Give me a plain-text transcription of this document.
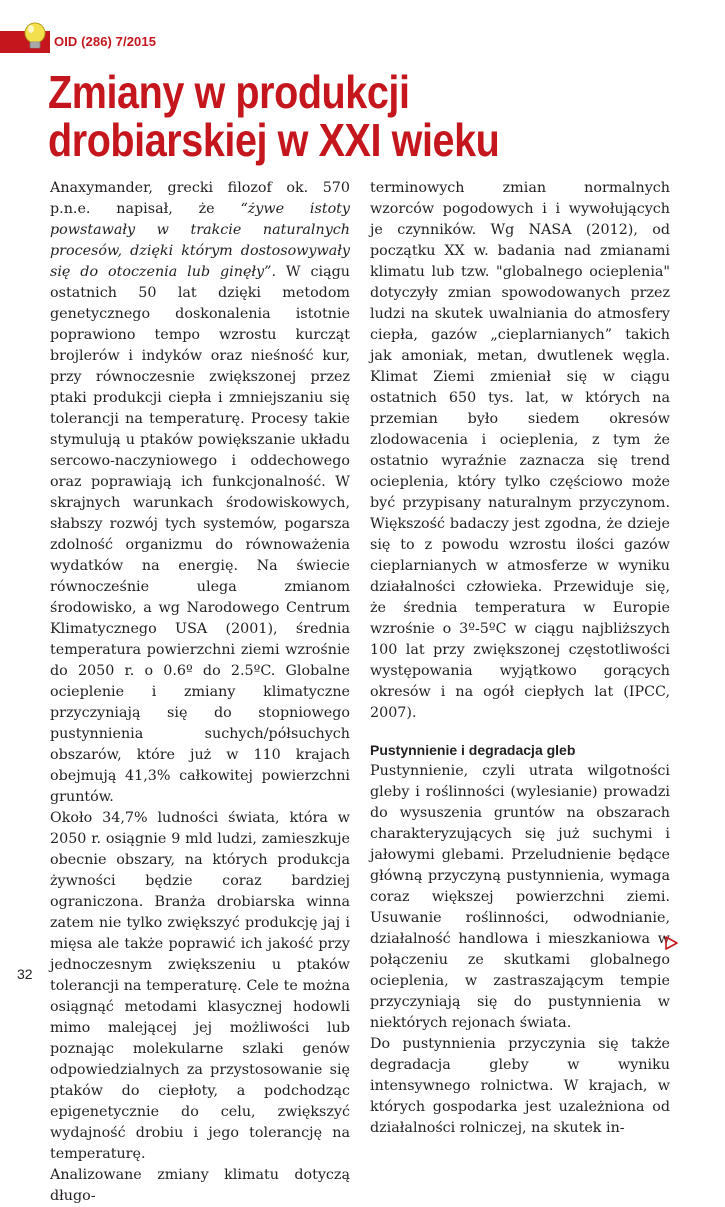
OID (286) 7/2015
Zmiany w produkcji drobiarskiej w XXI wieku

Anaxymander, grecki filozof ok. 570 p.n.e. napisał, że “żywe istoty powstawały w trakcie naturalnych procesów, dzięki którym dostosowywały się do otoczenia lub ginęły”. W ciągu ostatnich 50 lat dzięki metodom genetycznego doskonalenia istotnie poprawiono tempo wzrostu kurcząt brojlerów i indyków oraz nieśność kur, przy równoczesnie zwiększonej przez ptaki produkcji ciepła i zmniejszaniu się tolerancji na temperaturę. Procesy takie stymulują u ptaków powiększanie układu sercowo-naczyniowego i oddechowego oraz poprawiają ich funkcjonalność. W skrajnych warunkach środowiskowych, słabszy rozwój tych systemów, pogarsza zdolność organizmu do równoważenia wydatków na energię. Na świecie równocześnie ulega zmianom środowisko, a wg Narodowego Centrum Klimatycznego USA (2001), średnia temperatura powierzchni ziemi wzrośnie do 2050 r. o 0.6º do 2.5ºC. Globalne ocieplenie i zmiany klimatyczne przyczyniają się do stopniowego pustynnienia suchych/półsuchych obszarów, które już w 110 krajach obejmują 41,3% całkowitej powierzchni gruntów.

Około 34,7% ludności świata, która w 2050 r. osiągnie 9 mld ludzi, zamieszkuje obecnie obszary, na których produkcja żywności będzie coraz bardziej ograniczona. Branża drobiarska winna zatem nie tylko zwiększyć produkcję jaj i mięsa ale także poprawić ich jakość przy jednoczesnym zwiększeniu u ptaków tolerancji na temperaturę. Cele te można osiągnąć metodami klasycznej hodowli mimo malejącej jej możliwości lub poznając molekularne szlaki genów odpowiedzialnych za przystosowanie się ptaków do ciepłoty, a podchodząc epigenetycznie do celu, zwiększyć wydajność drobiu i jego tolerancję na temperaturę.

Analizowane zmiany klimatu dotyczą długo-

terminowych zmian normalnych wzorców pogodowych i i wywołujących je czynników. Wg NASA (2012), od początku XX w. badania nad zmianami klimatu lub tzw. "globalnego ocieplenia" dotyczyły zmian spowodowanych przez ludzi na skutek uwalniania do atmosfery ciepła, gazów „cieplarnianych” takich jak amoniak, metan, dwutlenek węgla. Klimat Ziemi zmieniał się w ciągu ostatnich 650 tys. lat, w których na przemian było siedem okresów zlodowacenia i ocieplenia, z tym że ostatnio wyraźnie zaznacza się trend ocieplenia, który tylko częściowo może być przypisany naturalnym przyczynom. Większość badaczy jest zgodna, że dzieje się to z powodu wzrostu ilości gazów cieplarnianych w atmosferze w wyniku działalności człowieka. Przewiduje się, że średnia temperatura w Europie wzrośnie o 3º-5ºC w ciągu najbliższych 100 lat przy zwiększonej częstotliwości występowania wyjątkowo gorących okresów i na ogół ciepłych lat (IPCC, 2007).

Pustynnienie i degradacja gleb

Pustynnienie, czyli utrata wilgotności gleby i roślinności (wylesianie) prowadzi do wysuszenia gruntów na obszarach charakteryzujących się już suchymi i jałowymi glebami. Przeludnienie będące główną przyczyną pustynnienia, wymaga coraz większej powierzchni ziemi. Usuwanie roślinności, odwodnianie, działalność handlowa i mieszkaniowa w połączeniu ze skutkami globalnego ocieplenia, w zastraszającym tempie przyczyniają się do pustynnienia w niektórych rejonach świata.

Do pustynnienia przyczynia się także degradacja gleby w wyniku intensywnego rolnictwa. W krajach, w których gospodarka jest uzależniona od działalności rolniczej, na skutek in-

32
